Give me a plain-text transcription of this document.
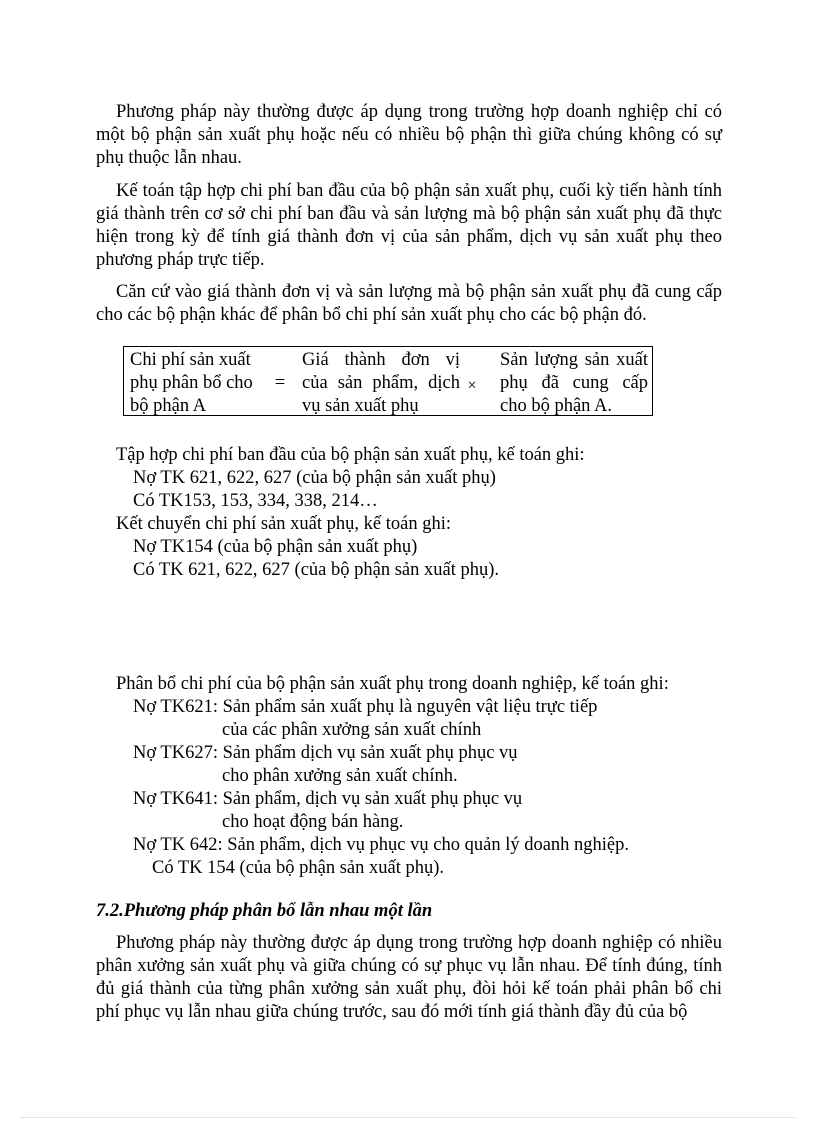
Phương pháp này thường được áp dụng trong trường hợp doanh nghiệp chỉ có một bộ phận sản xuất phụ hoặc nếu có nhiều bộ phận thì giữa chúng không có sự phụ thuộc lẫn nhau.

Kế toán tập hợp chi phí ban đầu của bộ phận sản xuất phụ, cuối kỳ tiến hành tính giá thành trên cơ sở chi phí ban đầu và sản lượng mà bộ phận sản xuất phụ đã thực hiện trong kỳ để tính giá thành đơn vị của sản phẩm, dịch vụ sản xuất phụ theo phương pháp trực tiếp.

Căn cứ vào giá thành đơn vị và sản lượng mà bộ phận sản xuất phụ đã cung cấp cho các bộ phận khác để phân bổ chi phí sản xuất phụ cho các bộ phận đó.

Chi phí sản xuất
phụ phân bổ cho
bộ phận A
=
Giá thành đơn vị
của sản phẩm, dịch
vụ sản xuất phụ
×
Sản lượng sản xuất
phụ đã cung cấp
cho bộ phận A.
Tập hợp chi phí ban đầu của bộ phận sản xuất phụ, kế toán ghi:
Nợ TK 621, 622, 627 (của bộ phận sản xuất phụ)
Có TK153, 153, 334, 338, 214…
Kết chuyển chi phí sản xuất phụ, kế toán ghi:
Nợ TK154 (của bộ phận sản xuất phụ)
Có TK 621, 622, 627 (của bộ phận sản xuất phụ).
Phân bổ chi phí của bộ phận sản xuất phụ trong doanh nghiệp, kế toán ghi:
Nợ TK621: Sản phẩm sản xuất phụ là nguyên vật liệu trực tiếp
của các phân xưởng sản xuất chính
Nợ TK627: Sản phẩm dịch vụ sản xuất phụ phục vụ
cho phân xưởng sản xuất chính.
Nợ TK641: Sản phẩm, dịch vụ sản xuất phụ phục vụ
cho hoạt động bán hàng.
Nợ TK 642: Sản phẩm, dịch vụ phục vụ cho quản lý doanh nghiệp.
Có TK 154 (của bộ phận sản xuất phụ).
7.2.Phương pháp phân bổ lẫn nhau một lần

Phương pháp này thường được áp dụng trong trường hợp doanh nghiệp có nhiều phân xưởng sản xuất phụ và giữa chúng có sự phục vụ lẫn nhau. Để tính đúng, tính đủ giá thành của từng phân xưởng sản xuất phụ, đòi hỏi kế toán phải phân bổ chi phí phục vụ lẫn nhau giữa chúng trước, sau đó mới tính giá thành đầy đủ của bộ
